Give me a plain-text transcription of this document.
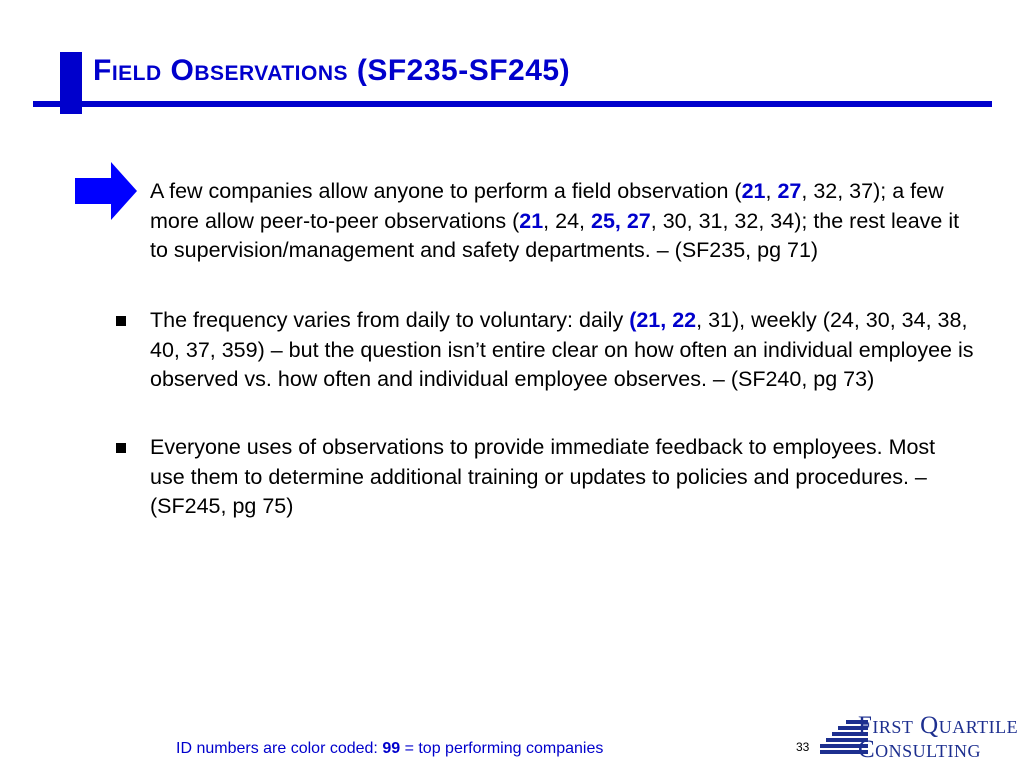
Field Observations (SF235-SF245)

A few companies allow anyone to perform a field observation (21, 27, 32, 37); a few more allow peer-to-peer observations (21, 24, 25, 27, 30, 31, 32, 34); the rest leave it to supervision/management and safety departments. – (SF235, pg 71)

The frequency varies from daily to voluntary: daily (21, 22, 31), weekly (24, 30, 34, 38, 40, 37, 359) – but the question isn’t entire clear on how often an individual employee is observed vs. how often and individual employee observes. – (SF240, pg 73)

Everyone uses of observations to provide immediate feedback to employees. Most use them to determine additional training or updates to policies and procedures. – (SF245, pg 75)

ID numbers are color coded: 99 = top performing companies	33
First Quartile
Consulting
